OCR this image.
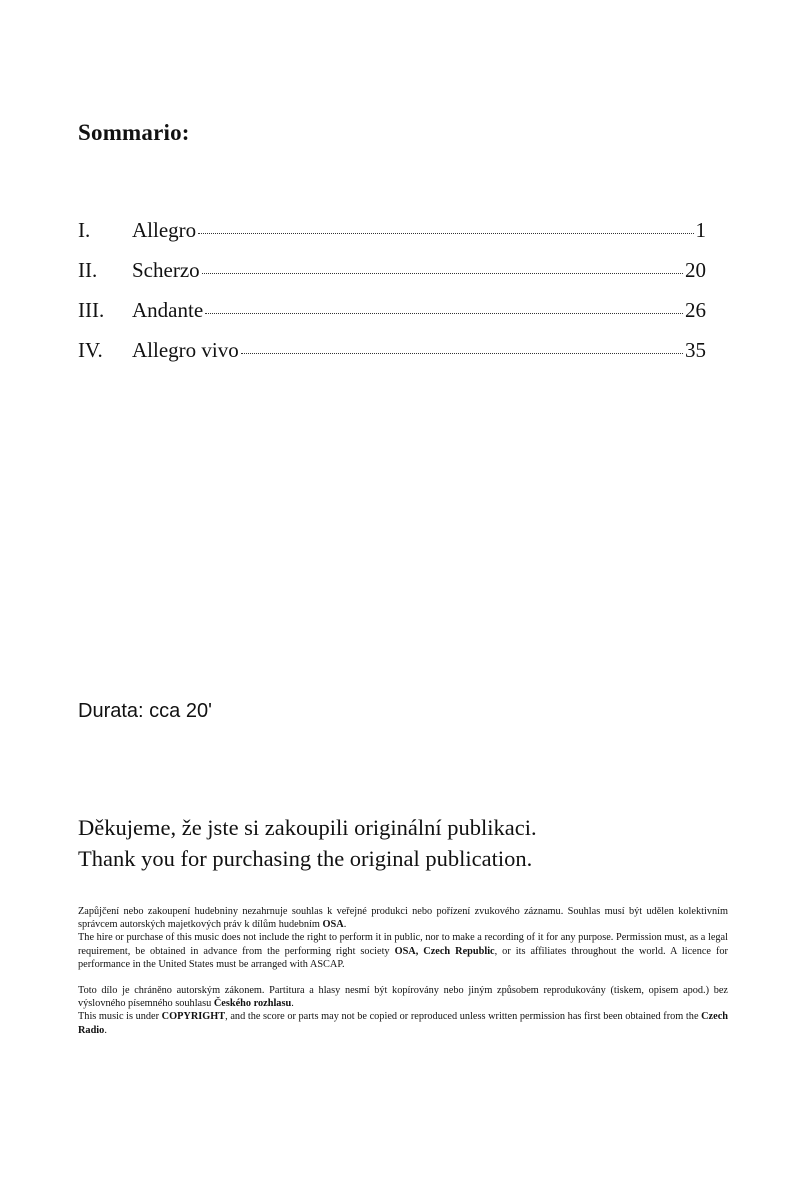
Sommario:
I.	Allegro	1
II.	Scherzo	20
III.	Andante	26
IV.	Allegro vivo	35
Durata: cca 20'
Děkujeme, že jste si zakoupili originální publikaci.
Thank you for purchasing the original publication.

Zapůjčení nebo zakoupení hudebniny nezahrnuje souhlas k veřejné produkci nebo pořízení zvukového záznamu. Souhlas musí být udělen kolektivním správcem autorských majetkových práv k dílům hudebním OSA.

The hire or purchase of this music does not include the right to perform it in public, nor to make a recording of it for any purpose. Permission must, as a legal requirement, be obtained in advance from the performing right society OSA, Czech Republic, or its affiliates throughout the world. A licence for performance in the United States must be arranged with ASCAP.

Toto dílo je chráněno autorským zákonem. Partitura a hlasy nesmí být kopírovány nebo jiným způsobem reprodukovány (tiskem, opisem apod.) bez výslovného písemného souhlasu Českého rozhlasu.

This music is under COPYRIGHT, and the score or parts may not be copied or reproduced unless written permission has first been obtained from the Czech Radio.
